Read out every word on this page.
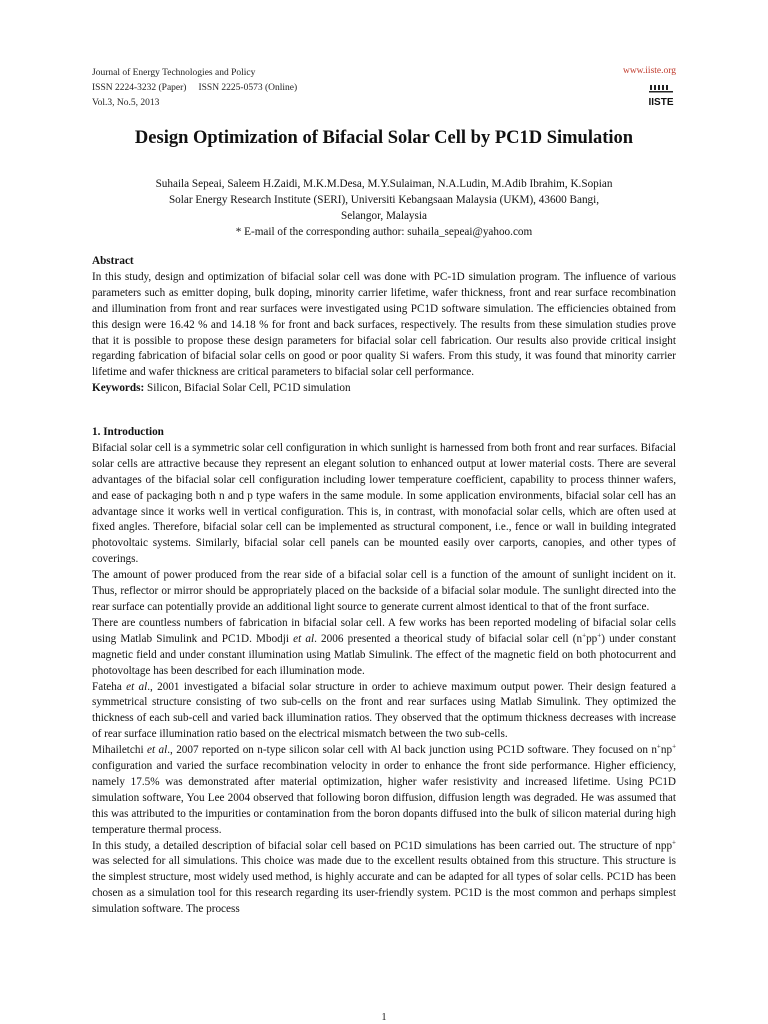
Journal of Energy Technologies and Policy
ISSN 2224-3232 (Paper) ISSN 2225-0573 (Online)
Vol.3, No.5, 2013
www.iiste.org
IISTE
Design Optimization of Bifacial Solar Cell by PC1D Simulation
Suhaila Sepeai, Saleem H.Zaidi, M.K.M.Desa, M.Y.Sulaiman, N.A.Ludin, M.Adib Ibrahim, K.Sopian
Solar Energy Research Institute (SERI), Universiti Kebangsaan Malaysia (UKM), 43600 Bangi,
Selangor, Malaysia
* E-mail of the corresponding author: suhaila_sepeai@yahoo.com
Abstract

In this study, design and optimization of bifacial solar cell was done with PC-1D simulation program. The influence of various parameters such as emitter doping, bulk doping, minority carrier lifetime, wafer thickness, front and rear surface recombination and illumination from front and rear surfaces were investigated using PC1D software simulation. The efficiencies obtained from this design were 16.42 % and 14.18 % for front and back surfaces, respectively. The results from these simulation studies prove that it is possible to propose these design parameters for bifacial solar cell fabrication. Our results also provide critical insight regarding fabrication of bifacial solar cells on good or poor quality Si wafers. From this study, it was found that minority carrier lifetime and wafer thickness are critical parameters to bifacial solar cell performance.

Keywords: Silicon, Bifacial Solar Cell, PC1D simulation

1. Introduction

Bifacial solar cell is a symmetric solar cell configuration in which sunlight is harnessed from both front and rear surfaces. Bifacial solar cells are attractive because they represent an elegant solution to enhanced output at lower material costs. There are several advantages of the bifacial solar cell configuration including lower temperature coefficient, capability to process thinner wafers, and ease of packaging both n and p type wafers in the same module. In some application environments, bifacial solar cell has an advantage since it works well in vertical configuration. This is, in contrast, with monofacial solar cells, which are often used at fixed angles. Therefore, bifacial solar cell can be implemented as structural component, i.e., fence or wall in building integrated photovoltaic systems. Similarly, bifacial solar cell panels can be mounted easily over carports, canopies, and other types of coverings.

The amount of power produced from the rear side of a bifacial solar cell is a function of the amount of sunlight incident on it. Thus, reflector or mirror should be appropriately placed on the backside of a bifacial solar module. The sunlight directed into the rear surface can potentially provide an additional light source to generate current almost identical to that of the front surface.

There are countless numbers of fabrication in bifacial solar cell. A few works has been reported modeling of bifacial solar cells using Matlab Simulink and PC1D. Mbodji et al. 2006 presented a theorical study of bifacial solar cell (n+pp+) under constant magnetic field and under constant illumination using Matlab Simulink. The effect of the magnetic field on both photocurrent and photovoltage has been described for each illumination mode.

Fateha et al., 2001 investigated a bifacial solar structure in order to achieve maximum output power. Their design featured a symmetrical structure consisting of two sub-cells on the front and rear surfaces using Matlab Simulink. They optimized the thickness of each sub-cell and varied back illumination ratios. They observed that the optimum thickness decreases with increase of rear surface illumination ratio based on the electrical mismatch between the two sub-cells.

Mihailetchi et al., 2007 reported on n-type silicon solar cell with Al back junction using PC1D software. They focused on n+np+ configuration and varied the surface recombination velocity in order to enhance the front side performance. Higher efficiency, namely 17.5% was demonstrated after material optimization, higher wafer resistivity and increased lifetime. Using PC1D simulation software, You Lee 2004 observed that following boron diffusion, diffusion length was degraded. He was assumed that this was attributed to the impurities or contamination from the boron dopants diffused into the bulk of silicon material during high temperature thermal process.

In this study, a detailed description of bifacial solar cell based on PC1D simulations has been carried out. The structure of npp+ was selected for all simulations. This choice was made due to the excellent results obtained from this structure. This structure is the simplest structure, most widely used method, is highly accurate and can be adapted for all types of solar cells. PC1D has been chosen as a simulation tool for this research regarding its user-friendly system. PC1D is the most common and perhaps simplest simulation software. The process

1
